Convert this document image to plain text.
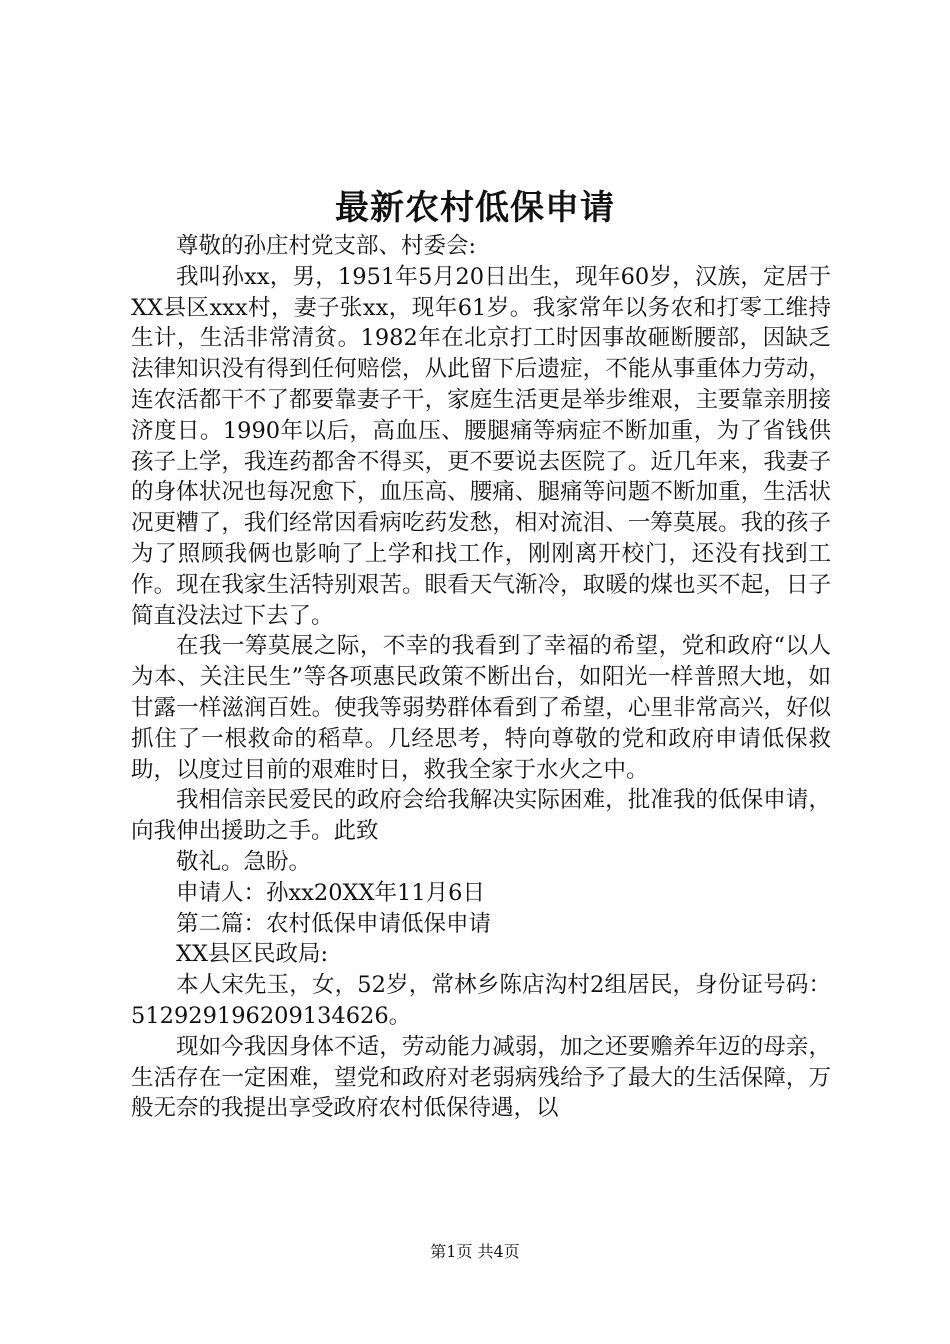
最新农村低保申请

尊敬的孙庄村党支部、村委会:

我叫孙xx，男，1951年5月20日出生，现年60岁，汉族，定居于XX县区xxx村，妻子张xx，现年61岁。我家常年以务农和打零工维持生计，生活非常清贫。1982年在北京打工时因事故砸断腰部，因缺乏法律知识没有得到任何赔偿，从此留下后遗症，不能从事重体力劳动，连农活都干不了都要靠妻子干，家庭生活更是举步维艰，主要靠亲朋接济度日。1990年以后，高血压、腰腿痛等病症不断加重，为了省钱供孩子上学，我连药都舍不得买，更不要说去医院了。近几年来，我妻子的身体状况也每况愈下，血压高、腰痛、腿痛等问题不断加重，生活状况更糟了，我们经常因看病吃药发愁，相对流泪、一筹莫展。我的孩子为了照顾我俩也影响了上学和找工作，刚刚离开校门，还没有找到工作。现在我家生活特别艰苦。眼看天气渐冷，取暖的煤也买不起，日子简直没法过下去了。

在我一筹莫展之际，不幸的我看到了幸福的希望，党和政府“以人为本、关注民生”等各项惠民政策不断出台，如阳光一样普照大地，如甘露一样滋润百姓。使我等弱势群体看到了希望，心里非常高兴，好似抓住了一根救命的稻草。几经思考，特向尊敬的党和政府申请低保救助，以度过目前的艰难时日，救我全家于水火之中。

我相信亲民爱民的政府会给我解决实际困难，批准我的低保申请，向我伸出援助之手。此致

敬礼。急盼。

申请人：孙xx20XX年11月6日

第二篇：农村低保申请低保申请

XX县区民政局:

本人宋先玉，女，52岁，常林乡陈店沟村2组居民，身份证号码：512929196209134626。

现如今我因身体不适，劳动能力减弱，加之还要赡养年迈的母亲，生活存在一定困难，望党和政府对老弱病残给予了最大的生活保障，万般无奈的我提出享受政府农村低保待遇，以

第1页 共4页
